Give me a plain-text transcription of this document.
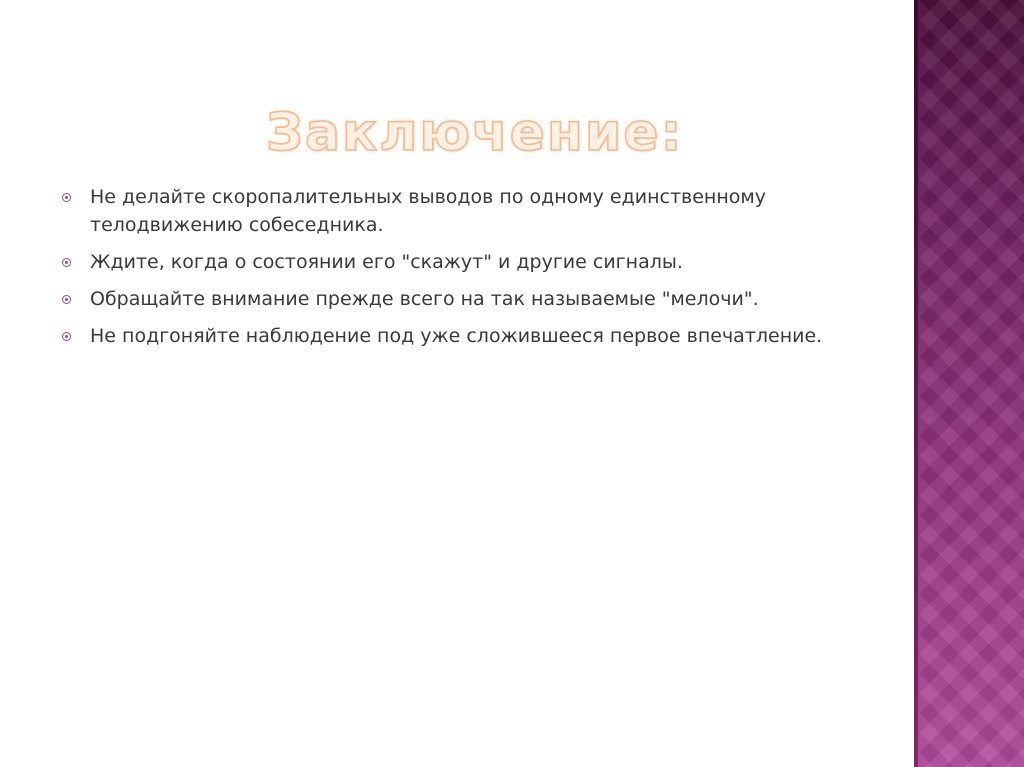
Заключение:
Не делайте скоропалительных выводов по одному единственному телодвижению собеседника.
Ждите, когда о состоянии его "скажут" и другие сигналы.
Обращайте внимание прежде всего на так называемые "мелочи".
Не подгоняйте наблюдение под уже сложившееся первое впечатление.
